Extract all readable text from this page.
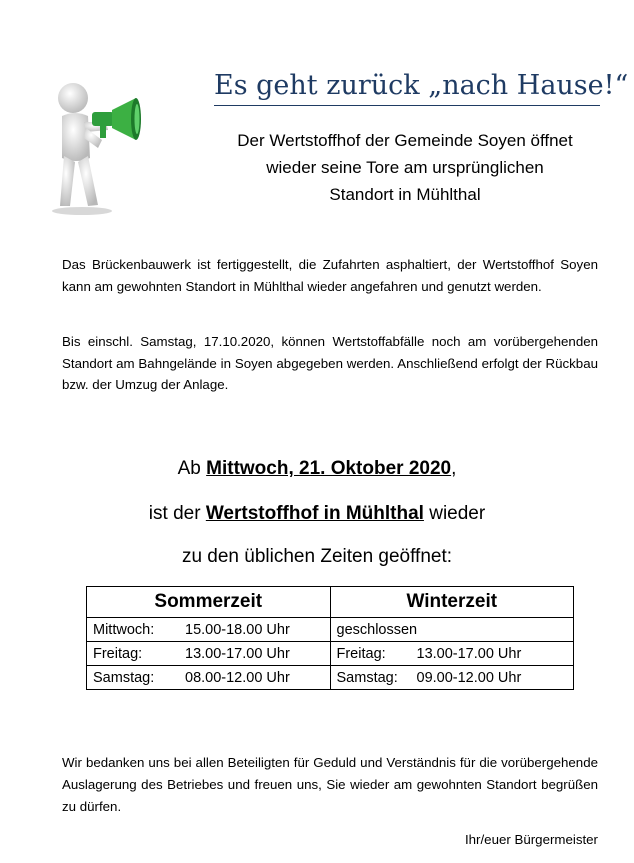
Es geht zurück „nach Hause!“
Der Wertstoffhof der Gemeinde Soyen öffnet
wieder seine Tore am ursprünglichen
Standort in Mühlthal
Das Brückenbauwerk ist fertiggestellt, die Zufahrten asphaltiert, der Wertstoffhof Soyen kann am gewohnten Standort in Mühlthal wieder angefahren und genutzt werden.
Bis einschl. Samstag, 17.10.2020, können Wertstoffabfälle noch am vorübergehenden Standort am Bahngelände in Soyen abgegeben werden. Anschließend erfolgt der Rückbau bzw. der Umzug der Anlage.
Ab Mittwoch, 21. Oktober 2020,
ist der Wertstoffhof in Mühlthal wieder
zu den üblichen Zeiten geöffnet:
Sommerzeit	Winterzeit

Mittwoch: 15.00-18.00 Uhr	geschlossen

Freitag: 13.00-17.00 Uhr	Freitag: 13.00-17.00 Uhr

Samstag: 08.00-12.00 Uhr	Samstag: 09.00-12.00 Uhr
Wir bedanken uns bei allen Beteiligten für Geduld und Verständnis für die vorübergehende Auslagerung des Betriebes und freuen uns, Sie wieder am gewohnten Standort begrüßen zu dürfen.
Ihr/euer Bürgermeister
